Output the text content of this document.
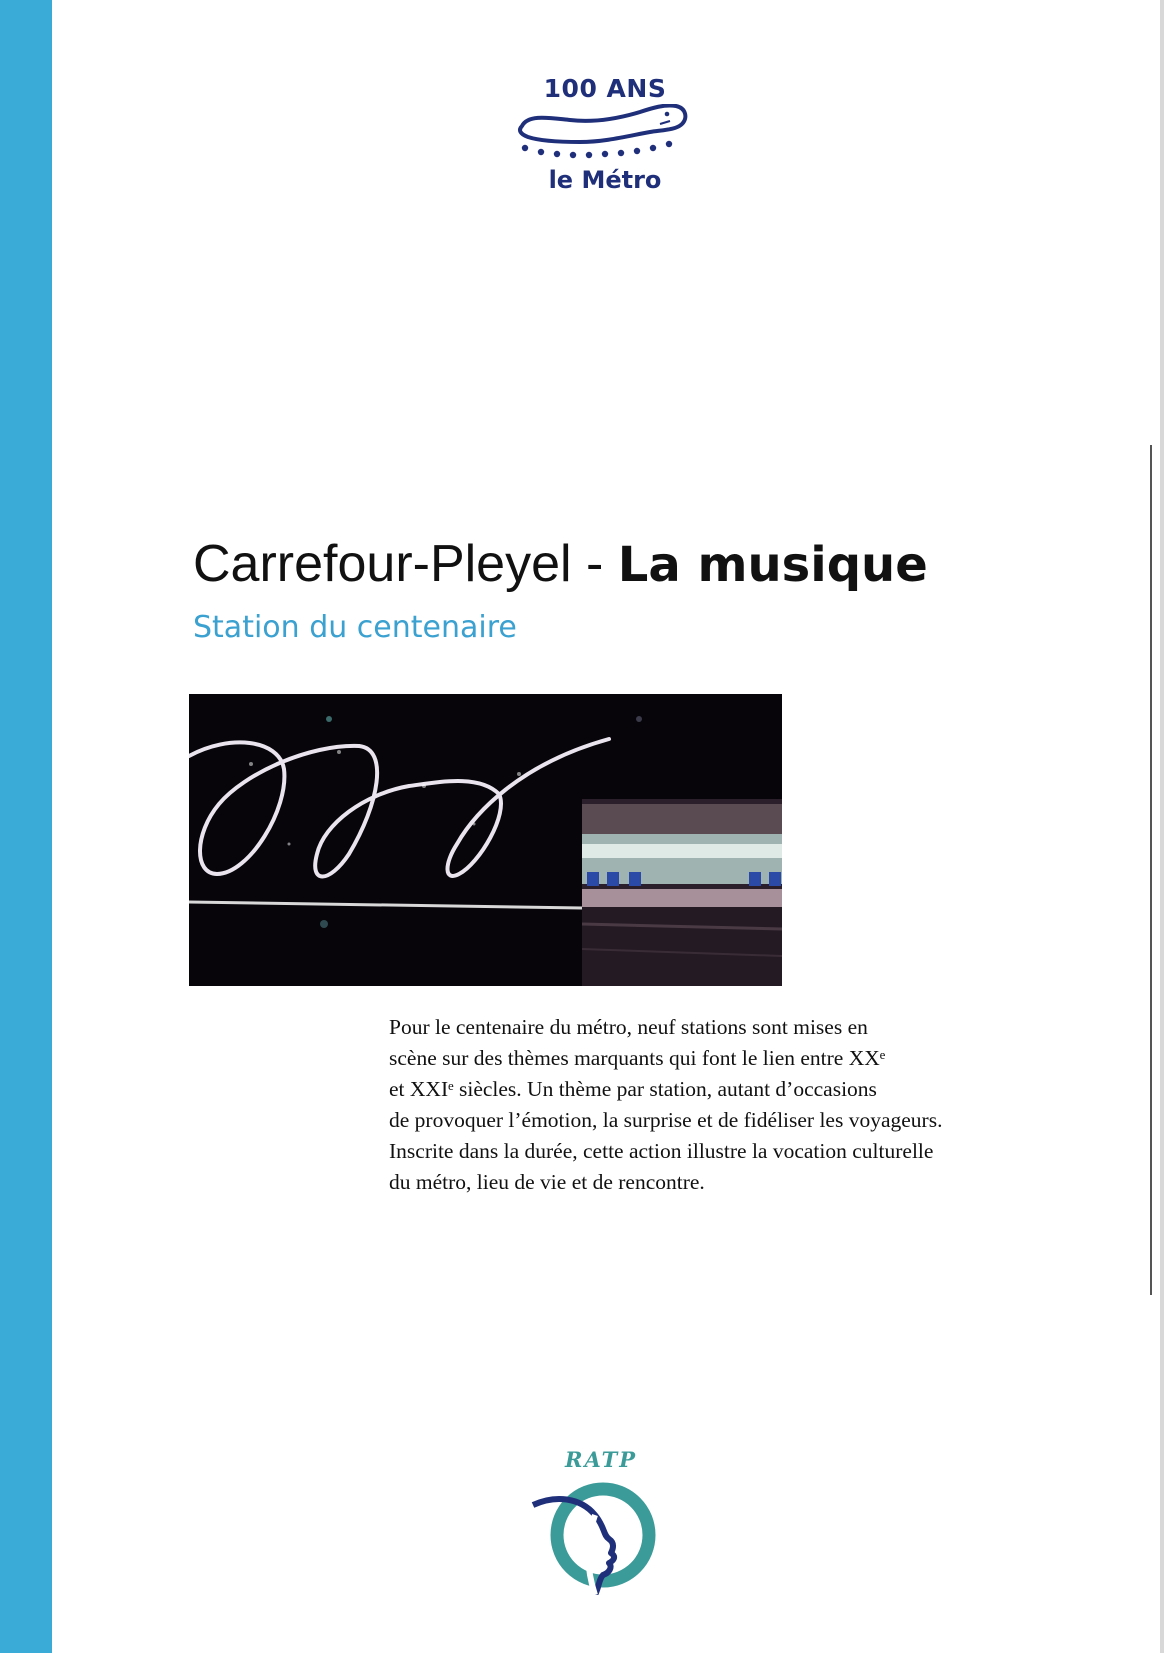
100 ANS
le Métro
Carrefour-Pleyel - La musique
Station du centenaire

Pour le centenaire du métro, neuf stations sont mises en

scène sur des thèmes marquants qui font le lien entre XXᵉ

et XXIᵉ siècles. Un thème par station, autant d’occasions

de provoquer l’émotion, la surprise et de fidéliser les voyageurs.

Inscrite dans la durée, cette action illustre la vocation culturelle

du métro, lieu de vie et de rencontre.

RATP
